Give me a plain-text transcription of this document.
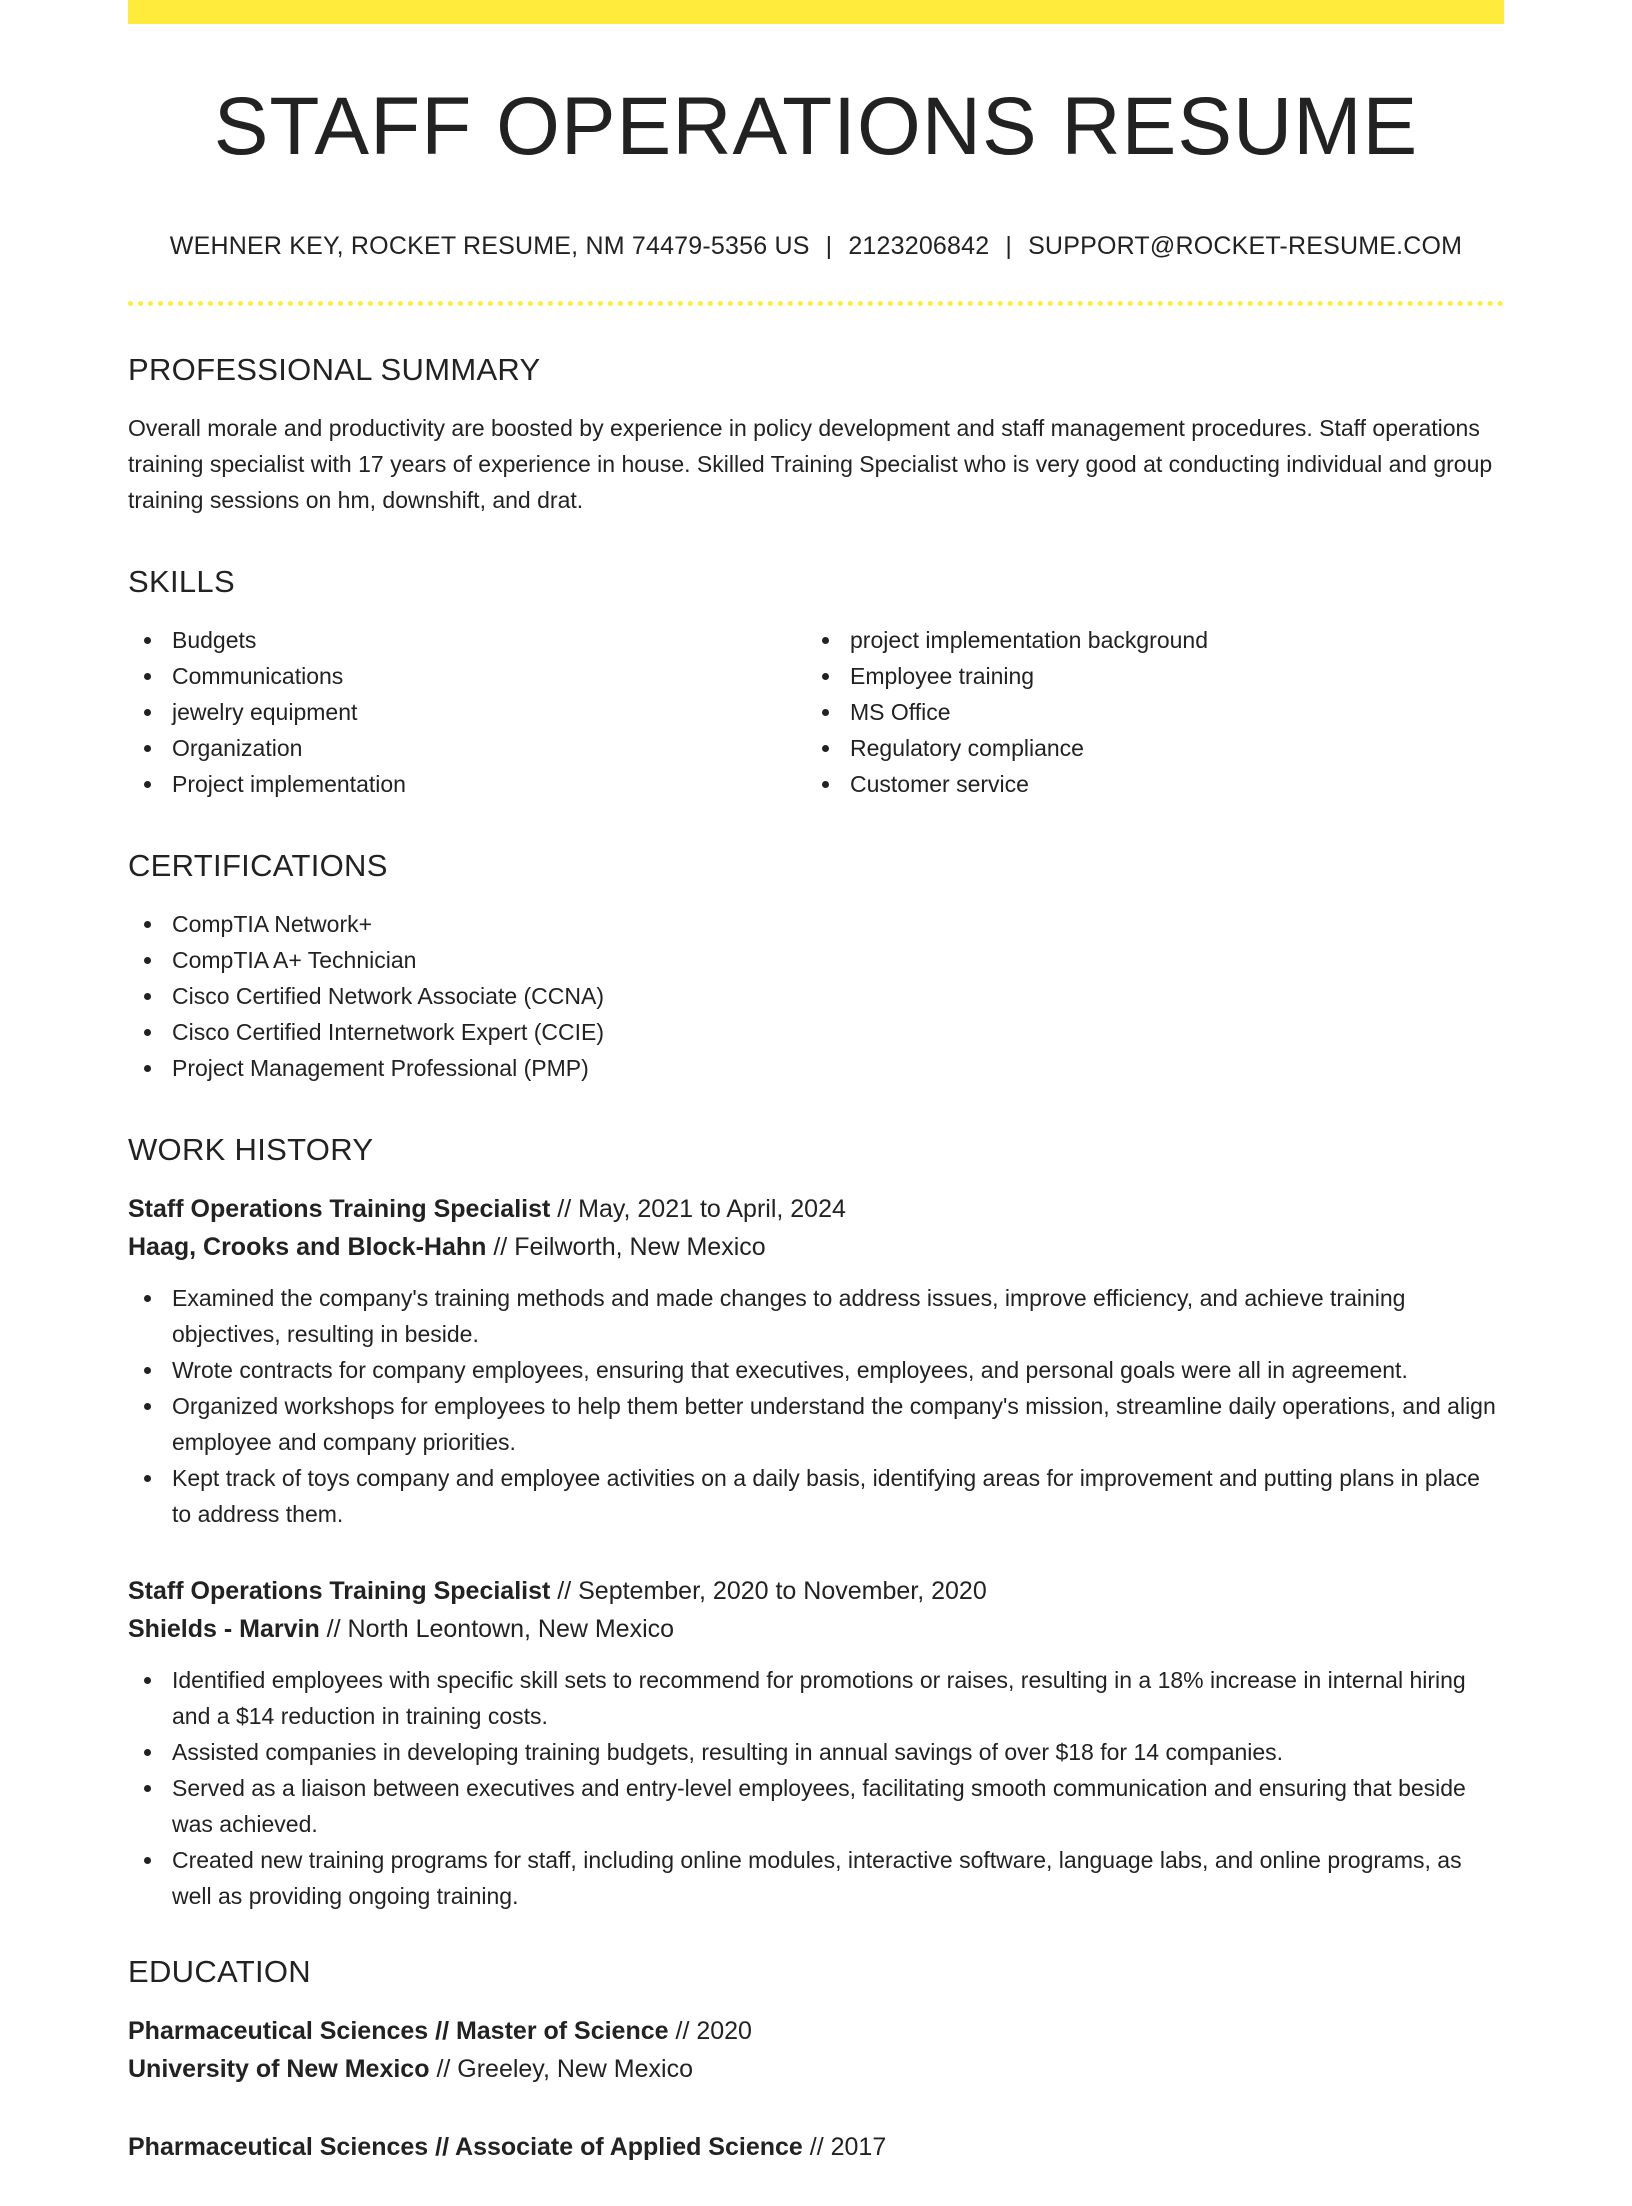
STAFF OPERATIONS RESUME
WEHNER KEY, ROCKET RESUME, NM 74479-5356 US | 2123206842 | SUPPORT@ROCKET-RESUME.COM
PROFESSIONAL SUMMARY

Overall morale and productivity are boosted by experience in policy development and staff management procedures. Staff operations training specialist with 17 years of experience in house. Skilled Training Specialist who is very good at conducting individual and group training sessions on hm, downshift, and drat.

SKILLS
Budgets
Communications
jewelry equipment
Organization
Project implementation
project implementation background
Employee training
MS Office
Regulatory compliance
Customer service
CERTIFICATIONS
CompTIA Network+
CompTIA A+ Technician
Cisco Certified Network Associate (CCNA)
Cisco Certified Internetwork Expert (CCIE)
Project Management Professional (PMP)
WORK HISTORY
Staff Operations Training Specialist // May, 2021 to April, 2024
Haag, Crooks and Block-Hahn // Feilworth, New Mexico
Examined the company's training methods and made changes to address issues, improve efficiency, and achieve training objectives, resulting in beside.
Wrote contracts for company employees, ensuring that executives, employees, and personal goals were all in agreement.
Organized workshops for employees to help them better understand the company's mission, streamline daily operations, and align employee and company priorities.
Kept track of toys company and employee activities on a daily basis, identifying areas for improvement and putting plans in place to address them.
Staff Operations Training Specialist // September, 2020 to November, 2020
Shields - Marvin // North Leontown, New Mexico
Identified employees with specific skill sets to recommend for promotions or raises, resulting in a 18% increase in internal hiring and a $14 reduction in training costs.
Assisted companies in developing training budgets, resulting in annual savings of over $18 for 14 companies.
Served as a liaison between executives and entry-level employees, facilitating smooth communication and ensuring that beside was achieved.
Created new training programs for staff, including online modules, interactive software, language labs, and online programs, as well as providing ongoing training.
EDUCATION
Pharmaceutical Sciences // Master of Science // 2020
University of New Mexico // Greeley, New Mexico
Pharmaceutical Sciences // Associate of Applied Science // 2017
